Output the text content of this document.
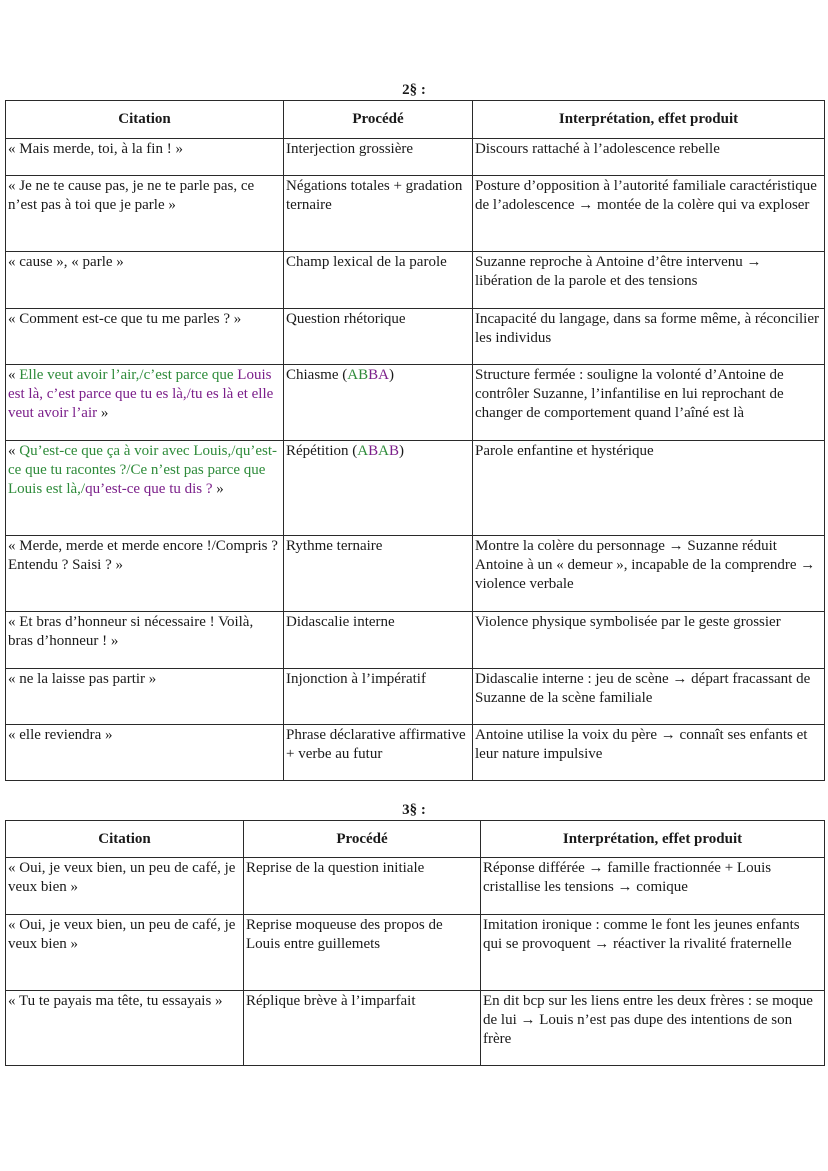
2§ :
Citation	Procédé	Interprétation, effet produit
« Mais merde, toi, à la fin ! »	Interjection grossière	Discours rattaché à l’adolescence rebelle
« Je ne te cause pas, je ne te parle pas, ce n’est pas à toi que je parle »	Négations totales + gradation ternaire	Posture d’opposition à l’autorité familiale caractéristique de l’adolescence → montée de la colère qui va exploser
« cause », « parle »	Champ lexical de la parole	Suzanne reproche à Antoine d’être intervenu → libération de la parole et des tensions
« Comment est-ce que tu me parles ? »	Question rhétorique	Incapacité du langage, dans sa forme même, à réconcilier les individus
« Elle veut avoir l’air,/c’est parce que Louis est là, c’est parce que tu es là,/tu es là et elle veut avoir l’air »	Chiasme (ABBA)	Structure fermée : souligne la volonté d’Antoine de contrôler Suzanne, l’infantilise en lui reprochant de changer de comportement quand l’aîné est là
« Qu’est-ce que ça à voir avec Louis,/qu’est-ce que tu racontes ?/Ce n’est pas parce que Louis est là,/qu’est-ce que tu dis ? »	Répétition (ABAB)	Parole enfantine et hystérique
« Merde, merde et merde encore !/Compris ? Entendu ? Saisi ? »	Rythme ternaire	Montre la colère du personnage → Suzanne réduit Antoine à un « demeur », incapable de la comprendre → violence verbale
« Et bras d’honneur si nécessaire ! Voilà, bras d’honneur ! »	Didascalie interne	Violence physique symbolisée par le geste grossier
« ne la laisse pas partir »	Injonction à l’impératif	Didascalie interne : jeu de scène → départ fracassant de Suzanne de la scène familiale
« elle reviendra »	Phrase déclarative affirmative + verbe au futur	Antoine utilise la voix du père → connaît ses enfants et leur nature impulsive
3§ :
Citation	Procédé	Interprétation, effet produit
« Oui, je veux bien, un peu de café, je veux bien »	Reprise de la question initiale	Réponse différée → famille fractionnée + Louis cristallise les tensions → comique
« Oui, je veux bien, un peu de café, je veux bien »	Reprise moqueuse des propos de Louis entre guillemets	Imitation ironique : comme le font les jeunes enfants qui se provoquent → réactiver la rivalité fraternelle
« Tu te payais ma tête, tu essayais »	Réplique brève à l’imparfait	En dit bcp sur les liens entre les deux frères : se moque de lui → Louis n’est pas dupe des intentions de son frère
